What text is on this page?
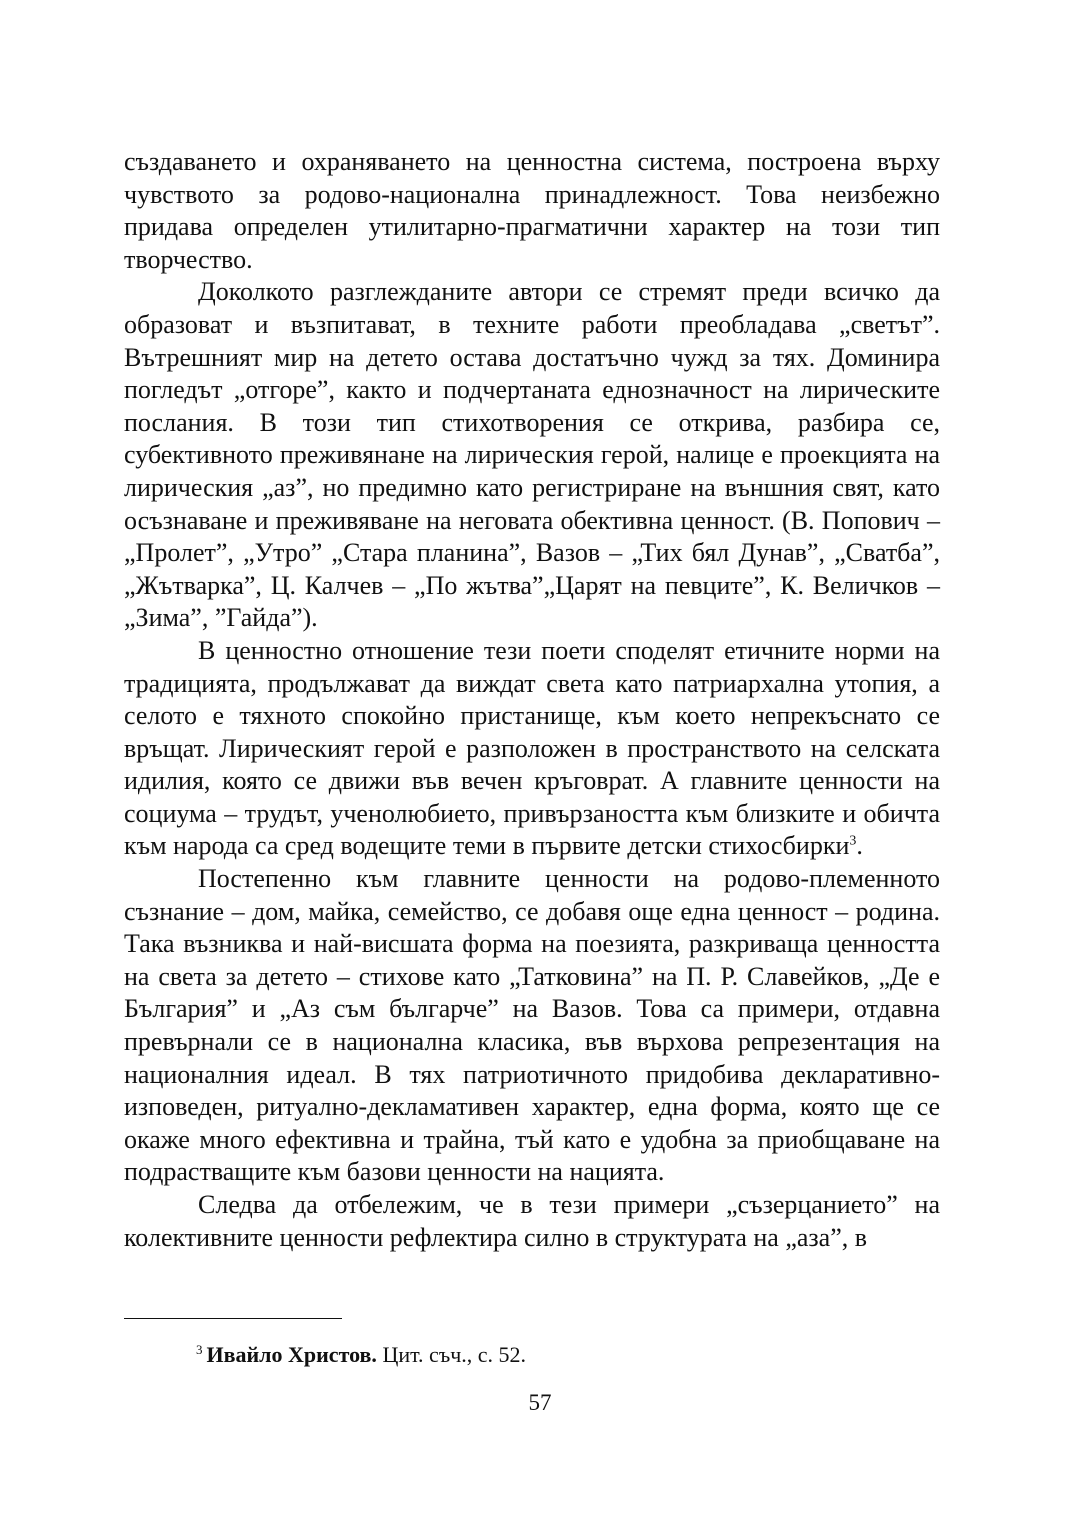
създаването и охраняването на ценностна система, построена върху чувството за родово-национална принадлежност. Това неизбежно придава определен утилитарно-прагматични характер на този тип творчество.

Доколкото разглежданите автори се стремят преди всичко да образоват и възпитават, в техните работи преобладава „светът”. Вътрешният мир на детето остава достатъчно чужд за тях. Доминира погледът „отгоре”, както и подчертаната еднозначност на лирическите послания. В този тип стихотворения се открива, разбира се, субективното преживянане на лирическия герой, налице е проекцията на лирическия „аз”, но предимно като регистриране на външния свят, като осъзнаване и преживяване на неговата обективна ценност. (В. Попович – „Пролет”, „Утро” „Стара планина”, Вазов – „Тих бял Дунав”, „Сватба”, „Жътварка”, Ц. Калчев – „По жътва”„Царят на певците”, К. Величков –„Зима”, ”Гайда”).

В ценностно отношение тези поети споделят етичните норми на традицията, продължават да виждат света като патриархална утопия, а селото е тяхното спокойно пристанище, към което непрекъснато се връщат. Лирическият герой е разположен в пространството на селската идилия, която се движи във вечен кръговрат. А главните ценности на социума – трудът, ученолюбието, привързаността към близките и обичта към народа са сред водещите теми в първите детски стихосбирки$^3$.

Постепенно към главните ценности на родово-племенното съзнание – дом, майка, семейство, се добавя още една ценност – родина. Така възниква и най-висшата форма на поезията, разкриваща ценността на света за детето – стихове като „Татковина” на П. Р. Славейков, „Де е България” и „Аз съм българче” на Вазов. Това са примери, отдавна превърнали се в национална класика, във върхова репрезентация на националния идеал. В тях патриотичното придобива декларативно-изповеден, ритуално-декламативен характер, една форма, която ще се окаже много ефективна и трайна, тъй като е удобна за приобщаване на подрастващите към базови ценности на нацията.

Следва да отбележим, че в тези примери „съзерцанието” на колективните ценности рефлектира силно в структурата на „аза”, в

$^3$ Ивайло Христов. Цит. съч., с. 52.
57
